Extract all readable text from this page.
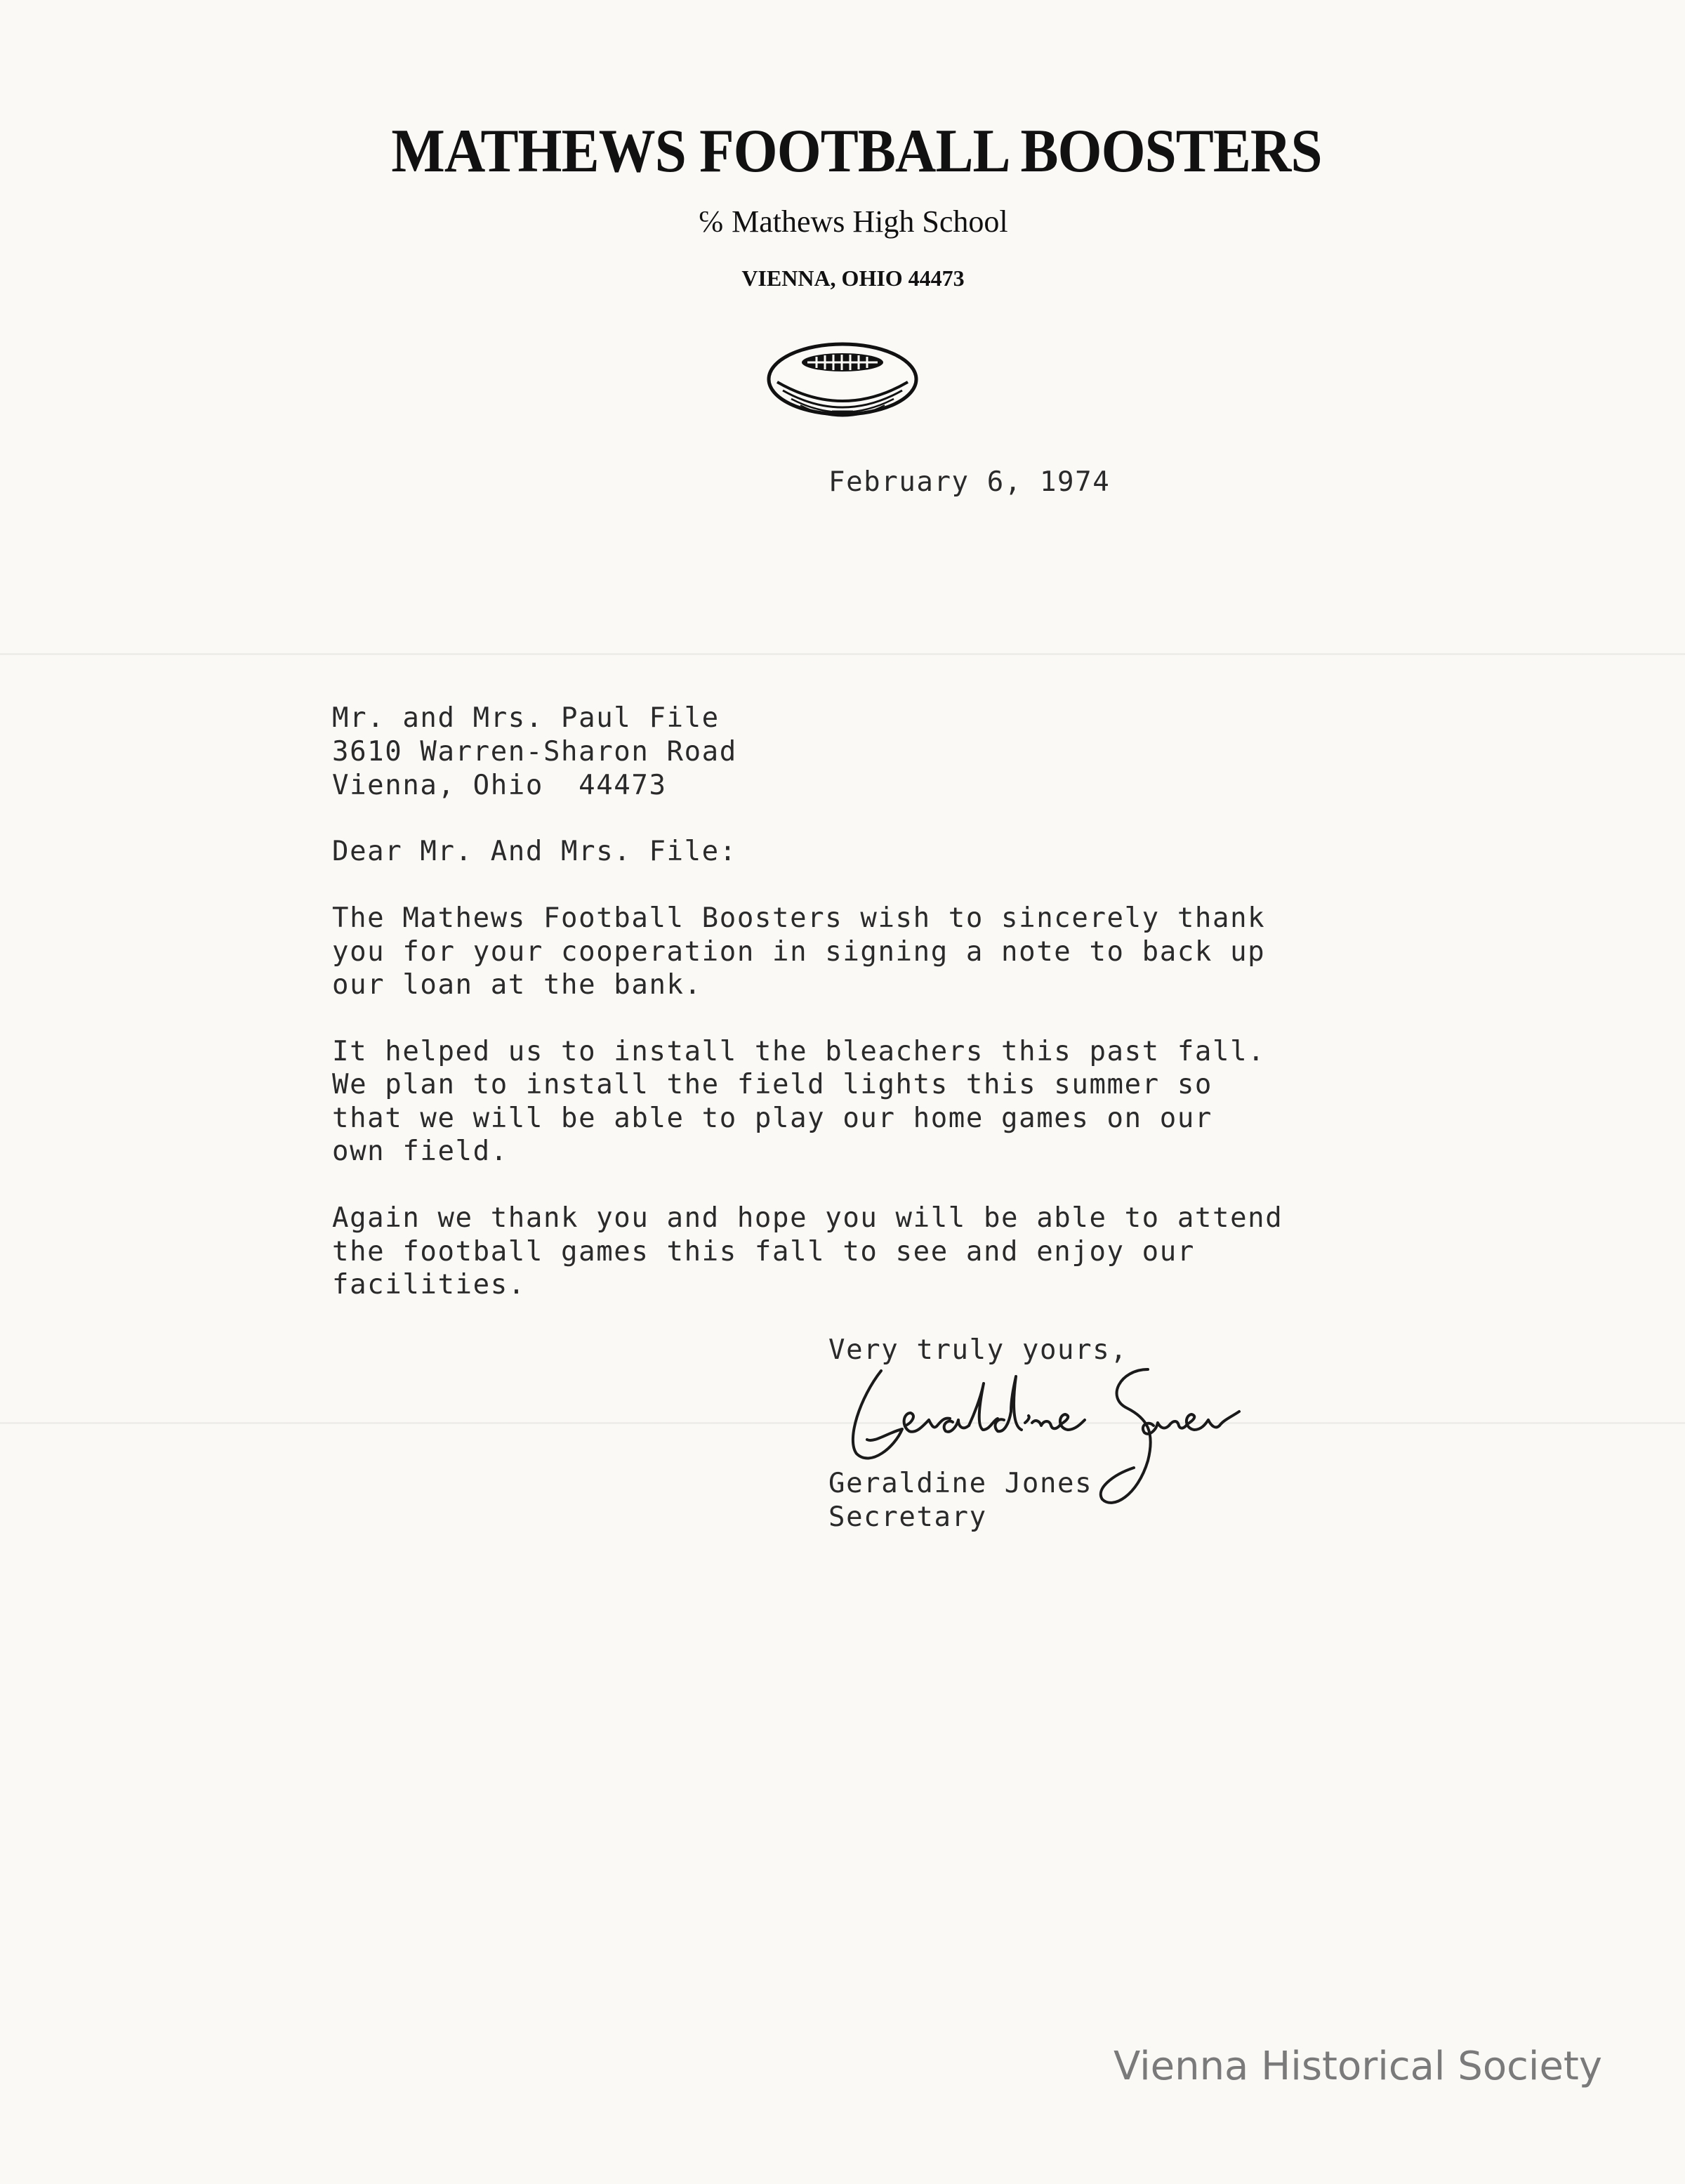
MATHEWS FOOTBALL BOOSTERS
℅ Mathews High School
VIENNA, OHIO 44473
February 6, 1974
Mr. and Mrs. Paul File
3610 Warren-Sharon Road
Vienna, Ohio  44473
Dear Mr. And Mrs. File:
The Mathews Football Boosters wish to sincerely thank
you for your cooperation in signing a note to back up
our loan at the bank.
It helped us to install the bleachers this past fall.
We plan to install the field lights this summer so
that we will be able to play our home games on our
own field.
Again we thank you and hope you will be able to attend
the football games this fall to see and enjoy our
facilities.
Very truly yours,
Geraldine Jones
Secretary
Vienna Historical Society
